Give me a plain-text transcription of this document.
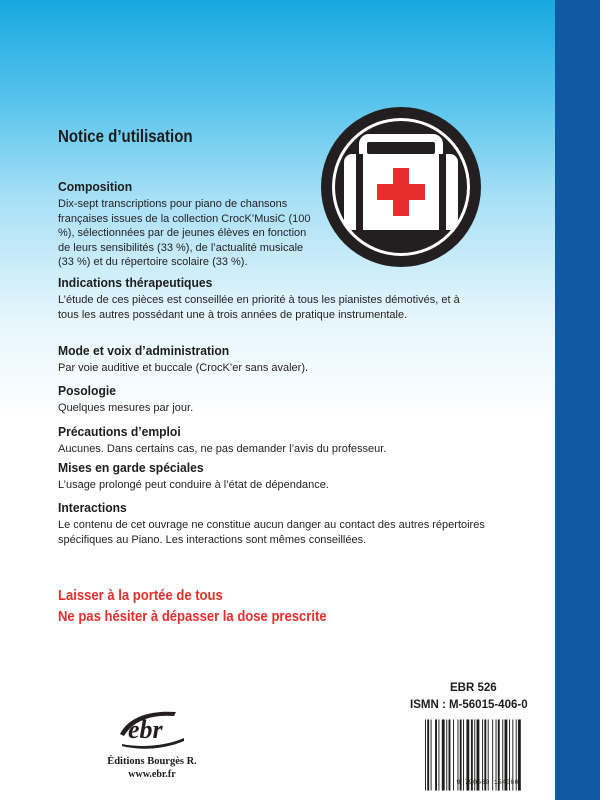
Notice d’utilisation
Composition

Dix-sept transcriptions pour piano de chansons françaises issues de la collection CrocK’MusiC (100 %), sélectionnées par de jeunes élèves en fonction de leurs sensibilités (33 %), de l’actualité musicale (33 %) et du répertoire scolaire (33 %).

Indications thérapeutiques

L’étude de ces pièces est conseillée en priorité à tous les pianistes démotivés, et à tous les autres possédant une à trois années de pratique instrumentale.

Mode et voix d’administration

Par voie auditive et buccale (CrocK’er sans avaler).

Posologie

Quelques mesures par jour.

Précautions d’emploi

Aucunes. Dans certains cas, ne pas demander l’avis du professeur.

Mises en garde spéciales

L’usage prolongé peut conduire à l’état de dépendance.

Interactions

Le contenu de cet ouvrage ne constitue aucun danger au contact des autres répertoires spécifiques au Piano. Les interactions sont mêmes conseillées.

Laisser à la portée de tous
Ne pas hésiter à dépasser la dose prescrite
ebr
Éditions Bourgès R.
www.ebr.fr
EBR 526
ISMN : M-56015-406-0
9 790560 154060
